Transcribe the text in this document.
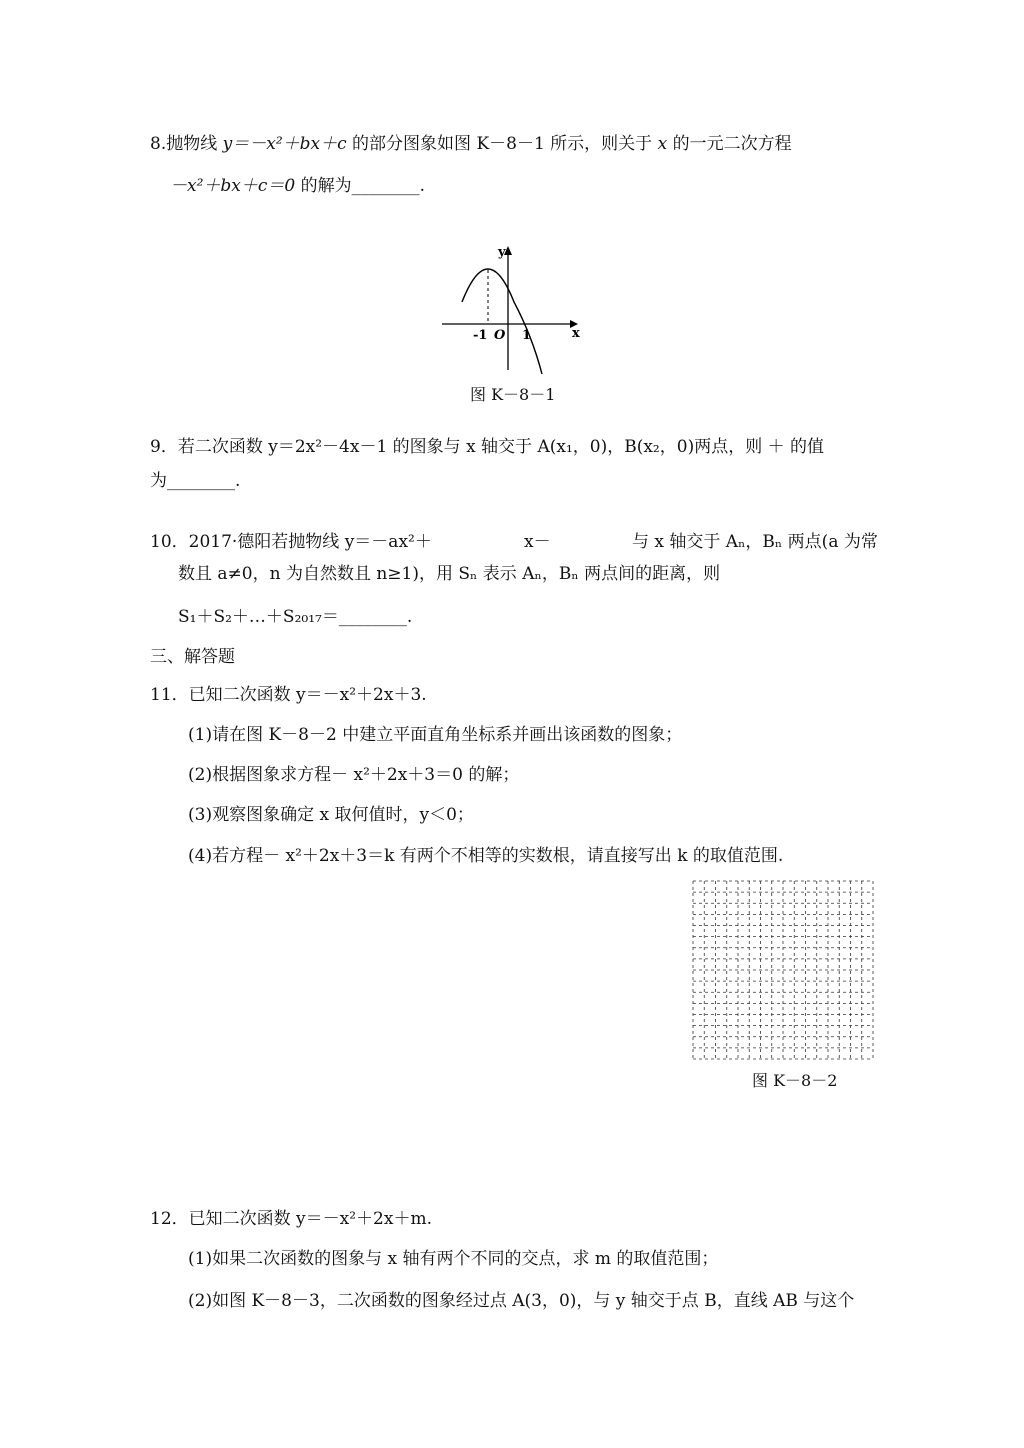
8.抛物线 y＝－x²＋bx＋c 的部分图象如图 K－8－1 所示，则关于 x 的一元二次方程
－x²＋bx＋c＝0 的解为________.
y
x
-1 O 1
图 K－8－1
9．若二次函数 y＝2x²－4x－1 的图象与 x 轴交于 A(x₁，0)，B(x₂，0)两点，则 ＋ 的值
为________.
10．2017·德阳若抛物线 y＝－ax²＋	x－	与 x 轴交于 Aₙ，Bₙ 两点(a 为常
数且 a≠0，n 为自然数且 n≥1)，用 Sₙ 表示 Aₙ，Bₙ 两点间的距离，则
S₁＋S₂＋…＋S₂₀₁₇＝________.
三、解答题
11．已知二次函数 y＝－x²＋2x＋3.
(1)请在图 K－8－2 中建立平面直角坐标系并画出该函数的图象；
(2)根据图象求方程－ x²＋2x＋3＝0 的解；
(3)观察图象确定 x 取何值时，y＜0；
(4)若方程－ x²＋2x＋3＝k 有两个不相等的实数根，请直接写出 k 的取值范围.
图 K－8－2
12．已知二次函数 y＝－x²＋2x＋m.
(1)如果二次函数的图象与 x 轴有两个不同的交点，求 m 的取值范围；
(2)如图 K－8－3，二次函数的图象经过点 A(3，0)，与 y 轴交于点 B，直线 AB 与这个
